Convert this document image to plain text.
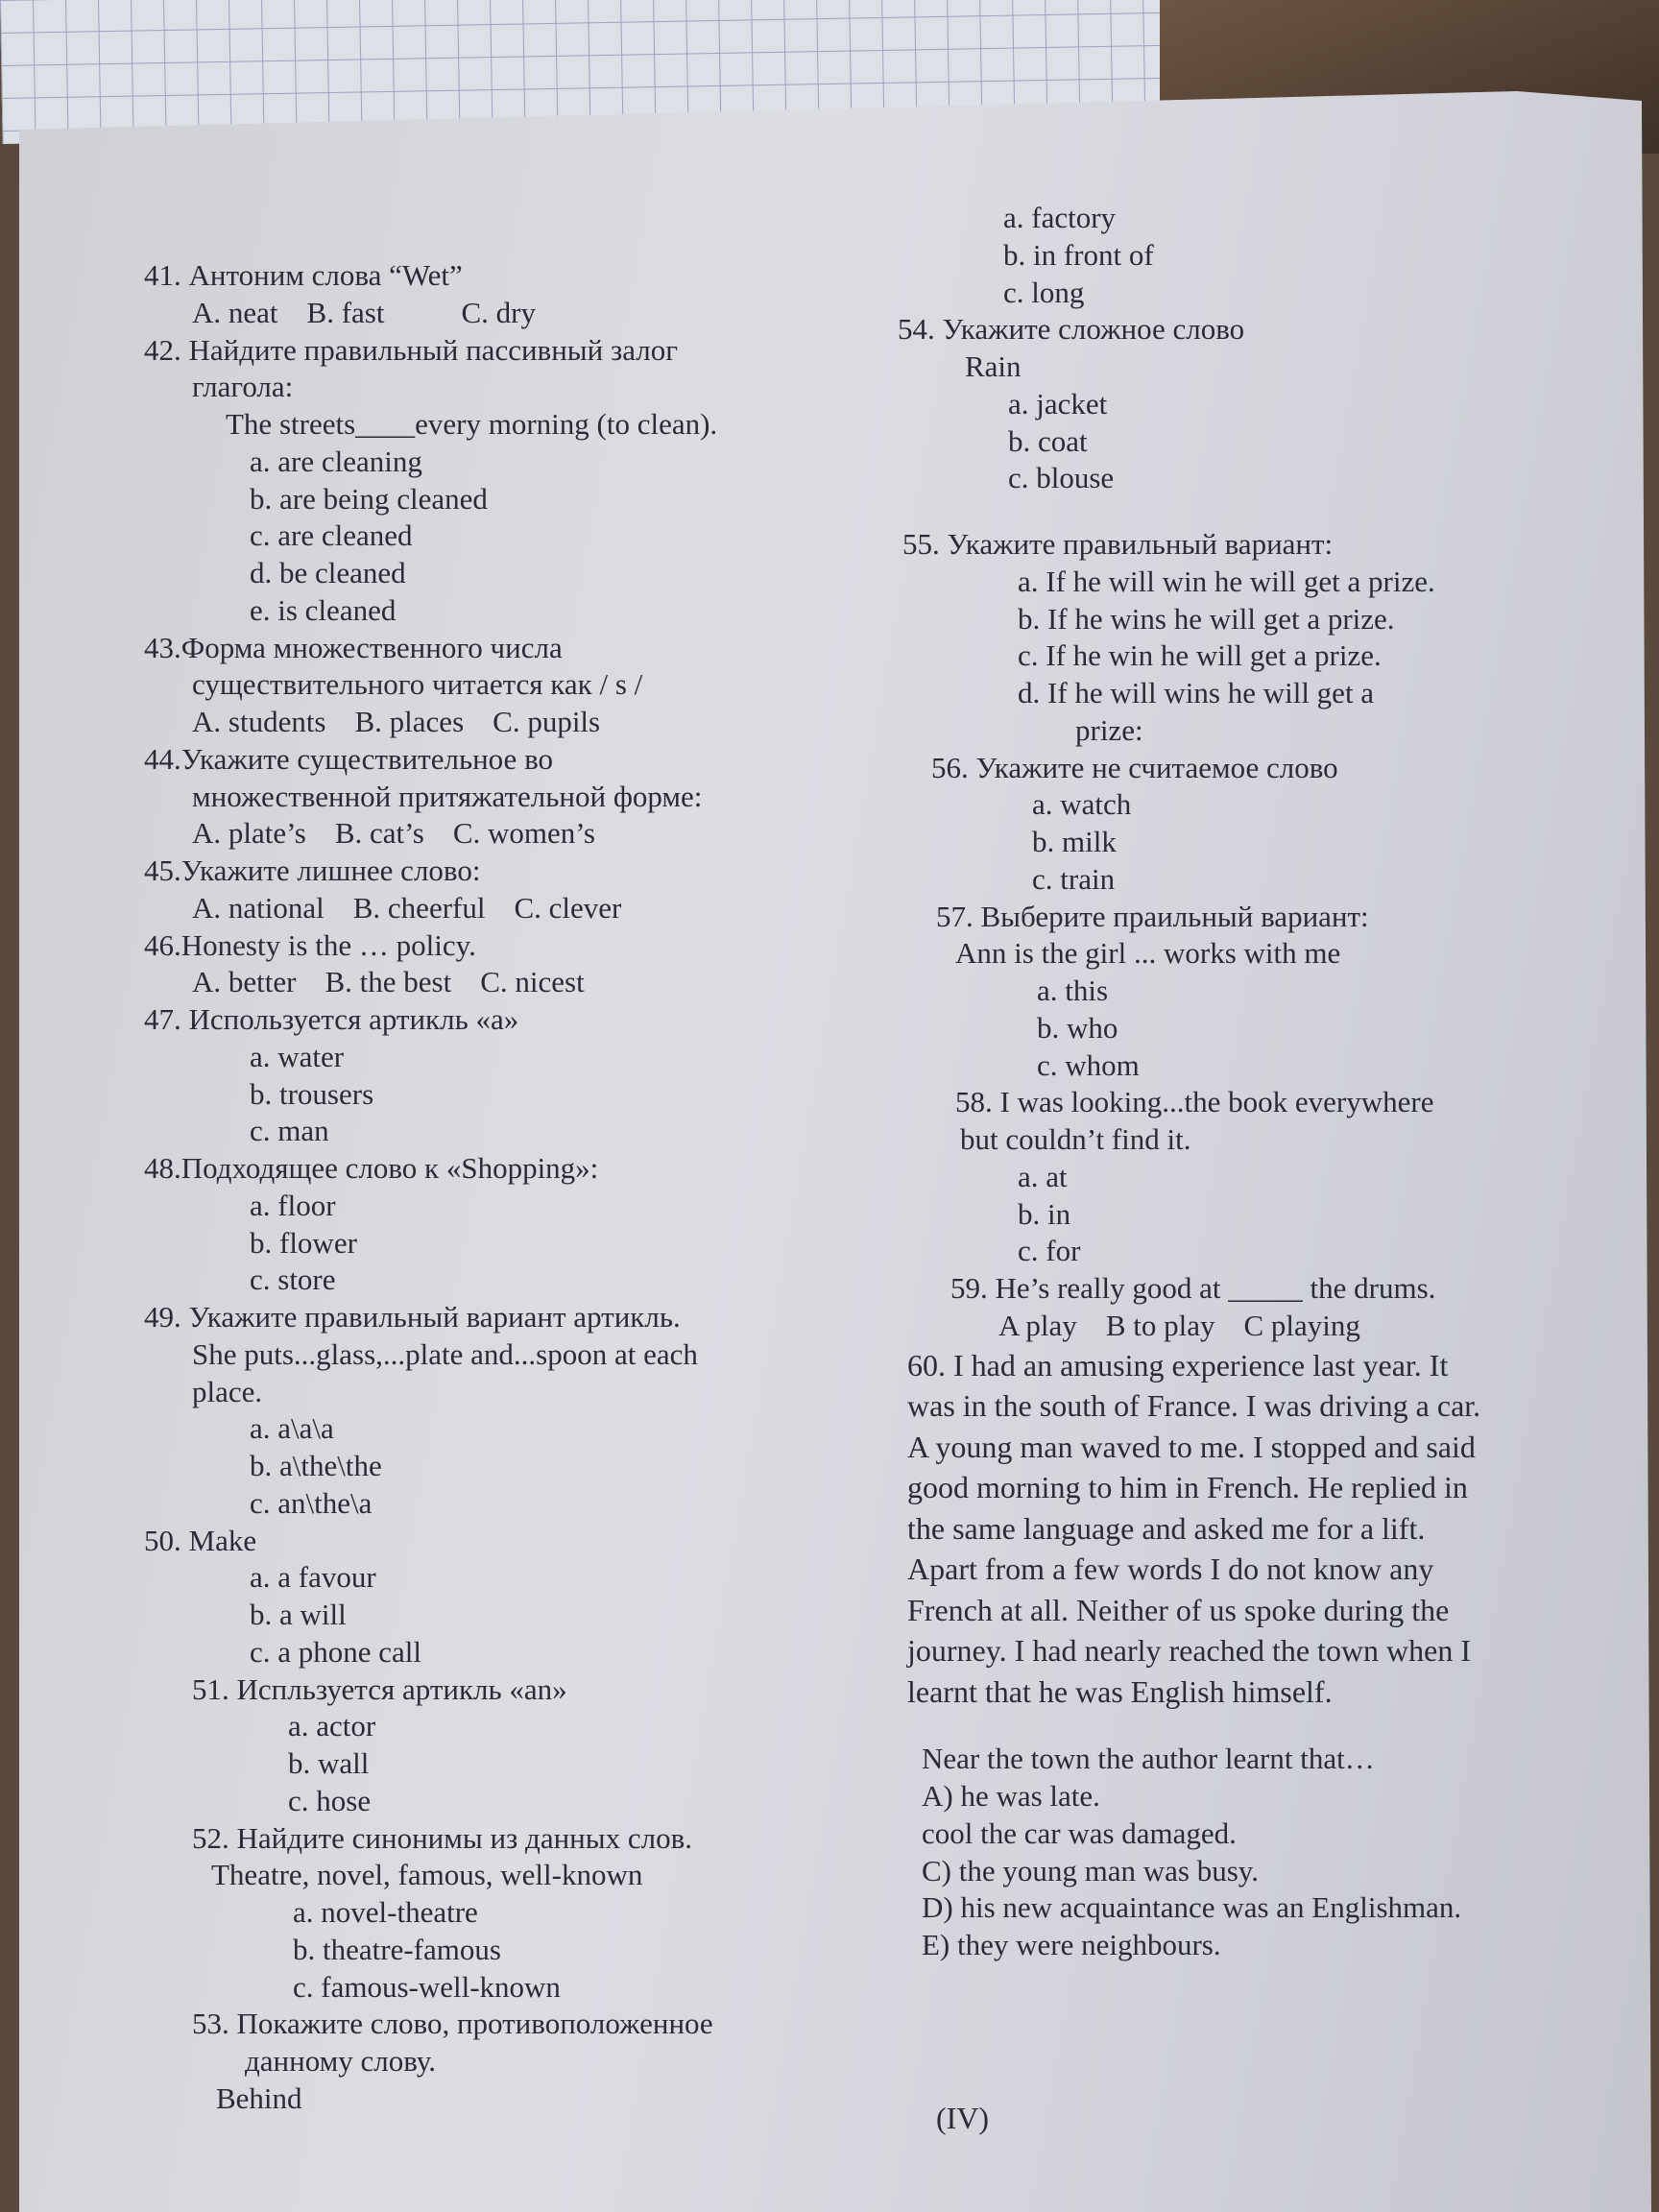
41. Антоним слова “Wet”

A. neat B. fast	C. dry

42. Найдите правильный пассивный залог

глагола:

The streets____every morning (to clean).

a. are cleaning

b. are being cleaned

c. are cleaned

d. be cleaned

e. is cleaned

43.Форма множественного числа

существительного читается как / s /

A. students B. places C. pupils

44.Укажите существительное во

множественной притяжательной форме:

A. plate’s B. cat’s C. women’s

45.Укажите лишнее слово:

A. national B. cheerful C. clever

46.Honesty is the … policy.

A. better B. the best C. nicest

47. Используется артикль «a»

a. water

b. trousers

c. man

48.Подходящее слово к «Shopping»:

a. floor

b. flower

c. store

49. Укажите правильный вариант артикль.

She puts...glass,...plate and...spoon at each

place.

a. a\a\a

b. a\the\the

c. an\the\a

50. Make

a. a favour

b. a will

c. a phone call

51. Испльзуется артикль «an»

a. actor

b. wall

c. hose

52. Найдите синонимы из данных слов.

Theatre, novel, famous, well-known

a. novel-theatre

b. theatre-famous

c. famous-well-known

53. Покажите слово, противоположенное

данному слову.

Behind

a. factory

b. in front of

c. long

54. Укажите сложное слово

Rain

a. jacket

b. coat

c. blouse

55. Укажите правильный вариант:

a. If he will win he will get a prize.

b. If he wins he will get a prize.

c. If he win he will get a prize.

d. If he will wins he will get a

prize:

56. Укажите не считаемое слово

a. watch

b. milk

c. train

57. Выберите праильный вариант:

Ann is the girl ... works with me

a. this

b. who

c. whom

58. I was looking...the book everywhere

but couldn’t find it.

a. at

b. in

c. for

59. He’s really good at _____ the drums.

A play B to play C playing

60. I had an amusing experience last year. It

was in the south of France. I was driving a car.

A young man waved to me. I stopped and said

good morning to him in French. He replied in

the same language and asked me for a lift.

Apart from a few words I do not know any

French at all. Neither of us spoke during the

journey. I had nearly reached the town when I

learnt that he was English himself.

Near the town the author learnt that…

A) he was late.

cool the car was damaged.

C) the young man was busy.

D) his new acquaintance was an Englishman.

E) they were neighbours.

(IV)
